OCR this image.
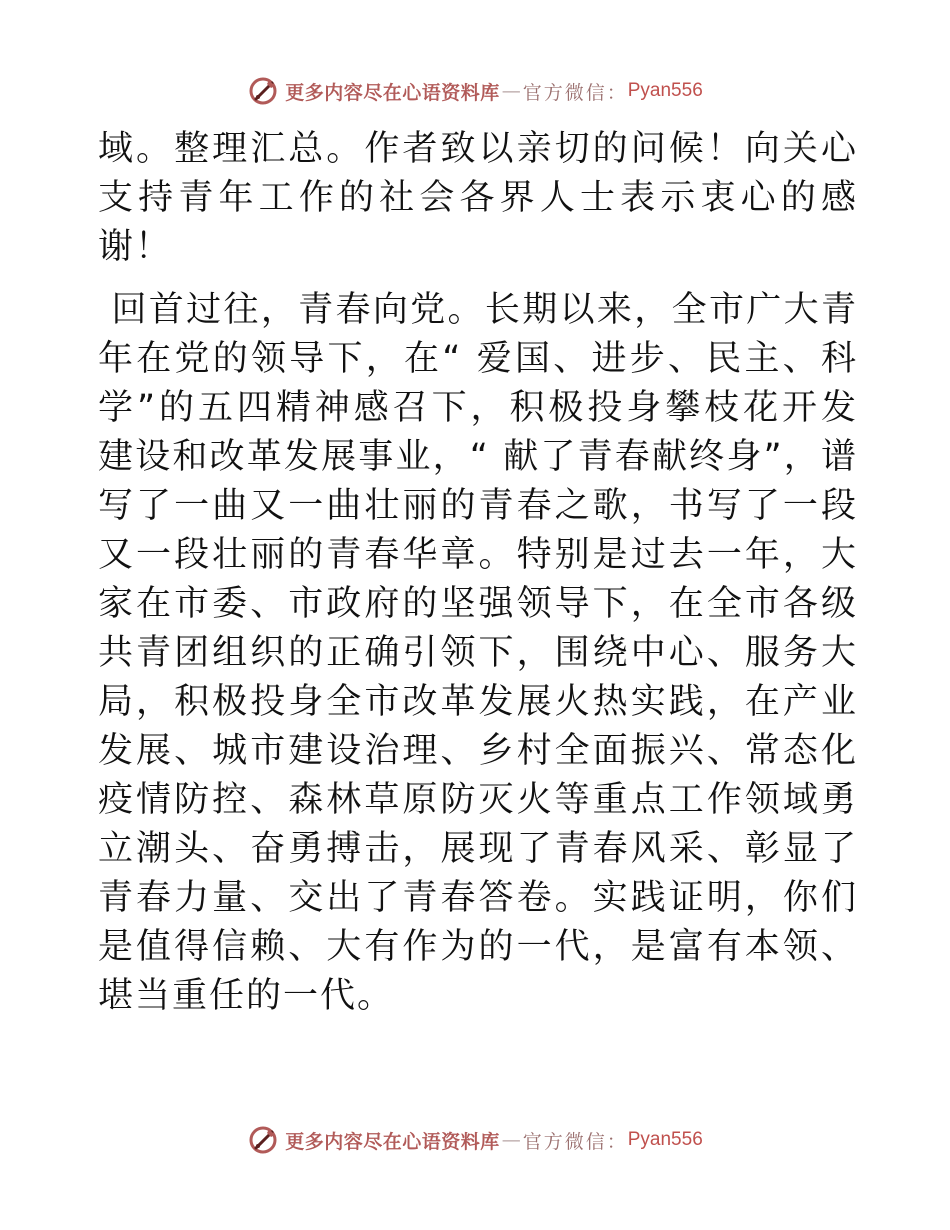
更多内容尽在心语资料库 — 官方微信： Pyan556

域。整理汇总。作者致以亲切的问候！向关心支持青年工作的社会各界人士表示衷心的感谢！

回首过往，青春向党。长期以来，全市广大青年在党的领导下，在“ 爱国、进步、民主、科学”的五四精神感召下，积极投身攀枝花开发建设和改革发展事业，“ 献了青春献终身”，谱写了一曲又一曲壮丽的青春之歌，书写了一段又一段壮丽的青春华章。特别是过去一年，大家在市委、市政府的坚强领导下，在全市各级共青团组织的正确引领下，围绕中心、服务大局，积极投身全市改革发展火热实践，在产业发展、城市建设治理、乡村全面振兴、常态化疫情防控、森林草原防灭火等重点工作领域勇立潮头、奋勇搏击，展现了青春风采、彰显了青春力量、交出了青春答卷。实践证明，你们是值得信赖、大有作为的一代，是富有本领、堪当重任的一代。

更多内容尽在心语资料库 — 官方微信： Pyan556
